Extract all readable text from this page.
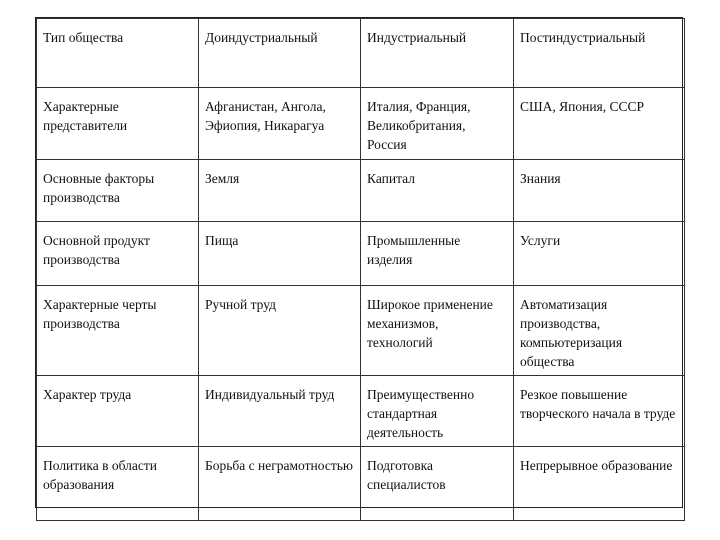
Тип общества	Доиндустриальный	Индустриальный	Постиндустриальный
Характерные представители	Афганистан, Ангола, Эфиопия, Никарагуа	Италия, Франция, Великобритания, Россия	США, Япония, СССР
Основные факторы производства	Земля	Капитал	Знания
Основной продукт производства	Пища	Промышленные изделия	Услуги
Характерные черты производства	Ручной труд	Широкое применение механизмов, технологий	Автоматизация производства, компьютеризация общества
Характер труда	Индивидуальный труд	Преимущественно стандартная деятельность	Резкое повышение творческого начала в труде
Политика в области образования	Борьба с неграмотностью	Подготовка специалистов	Непрерывное образование
